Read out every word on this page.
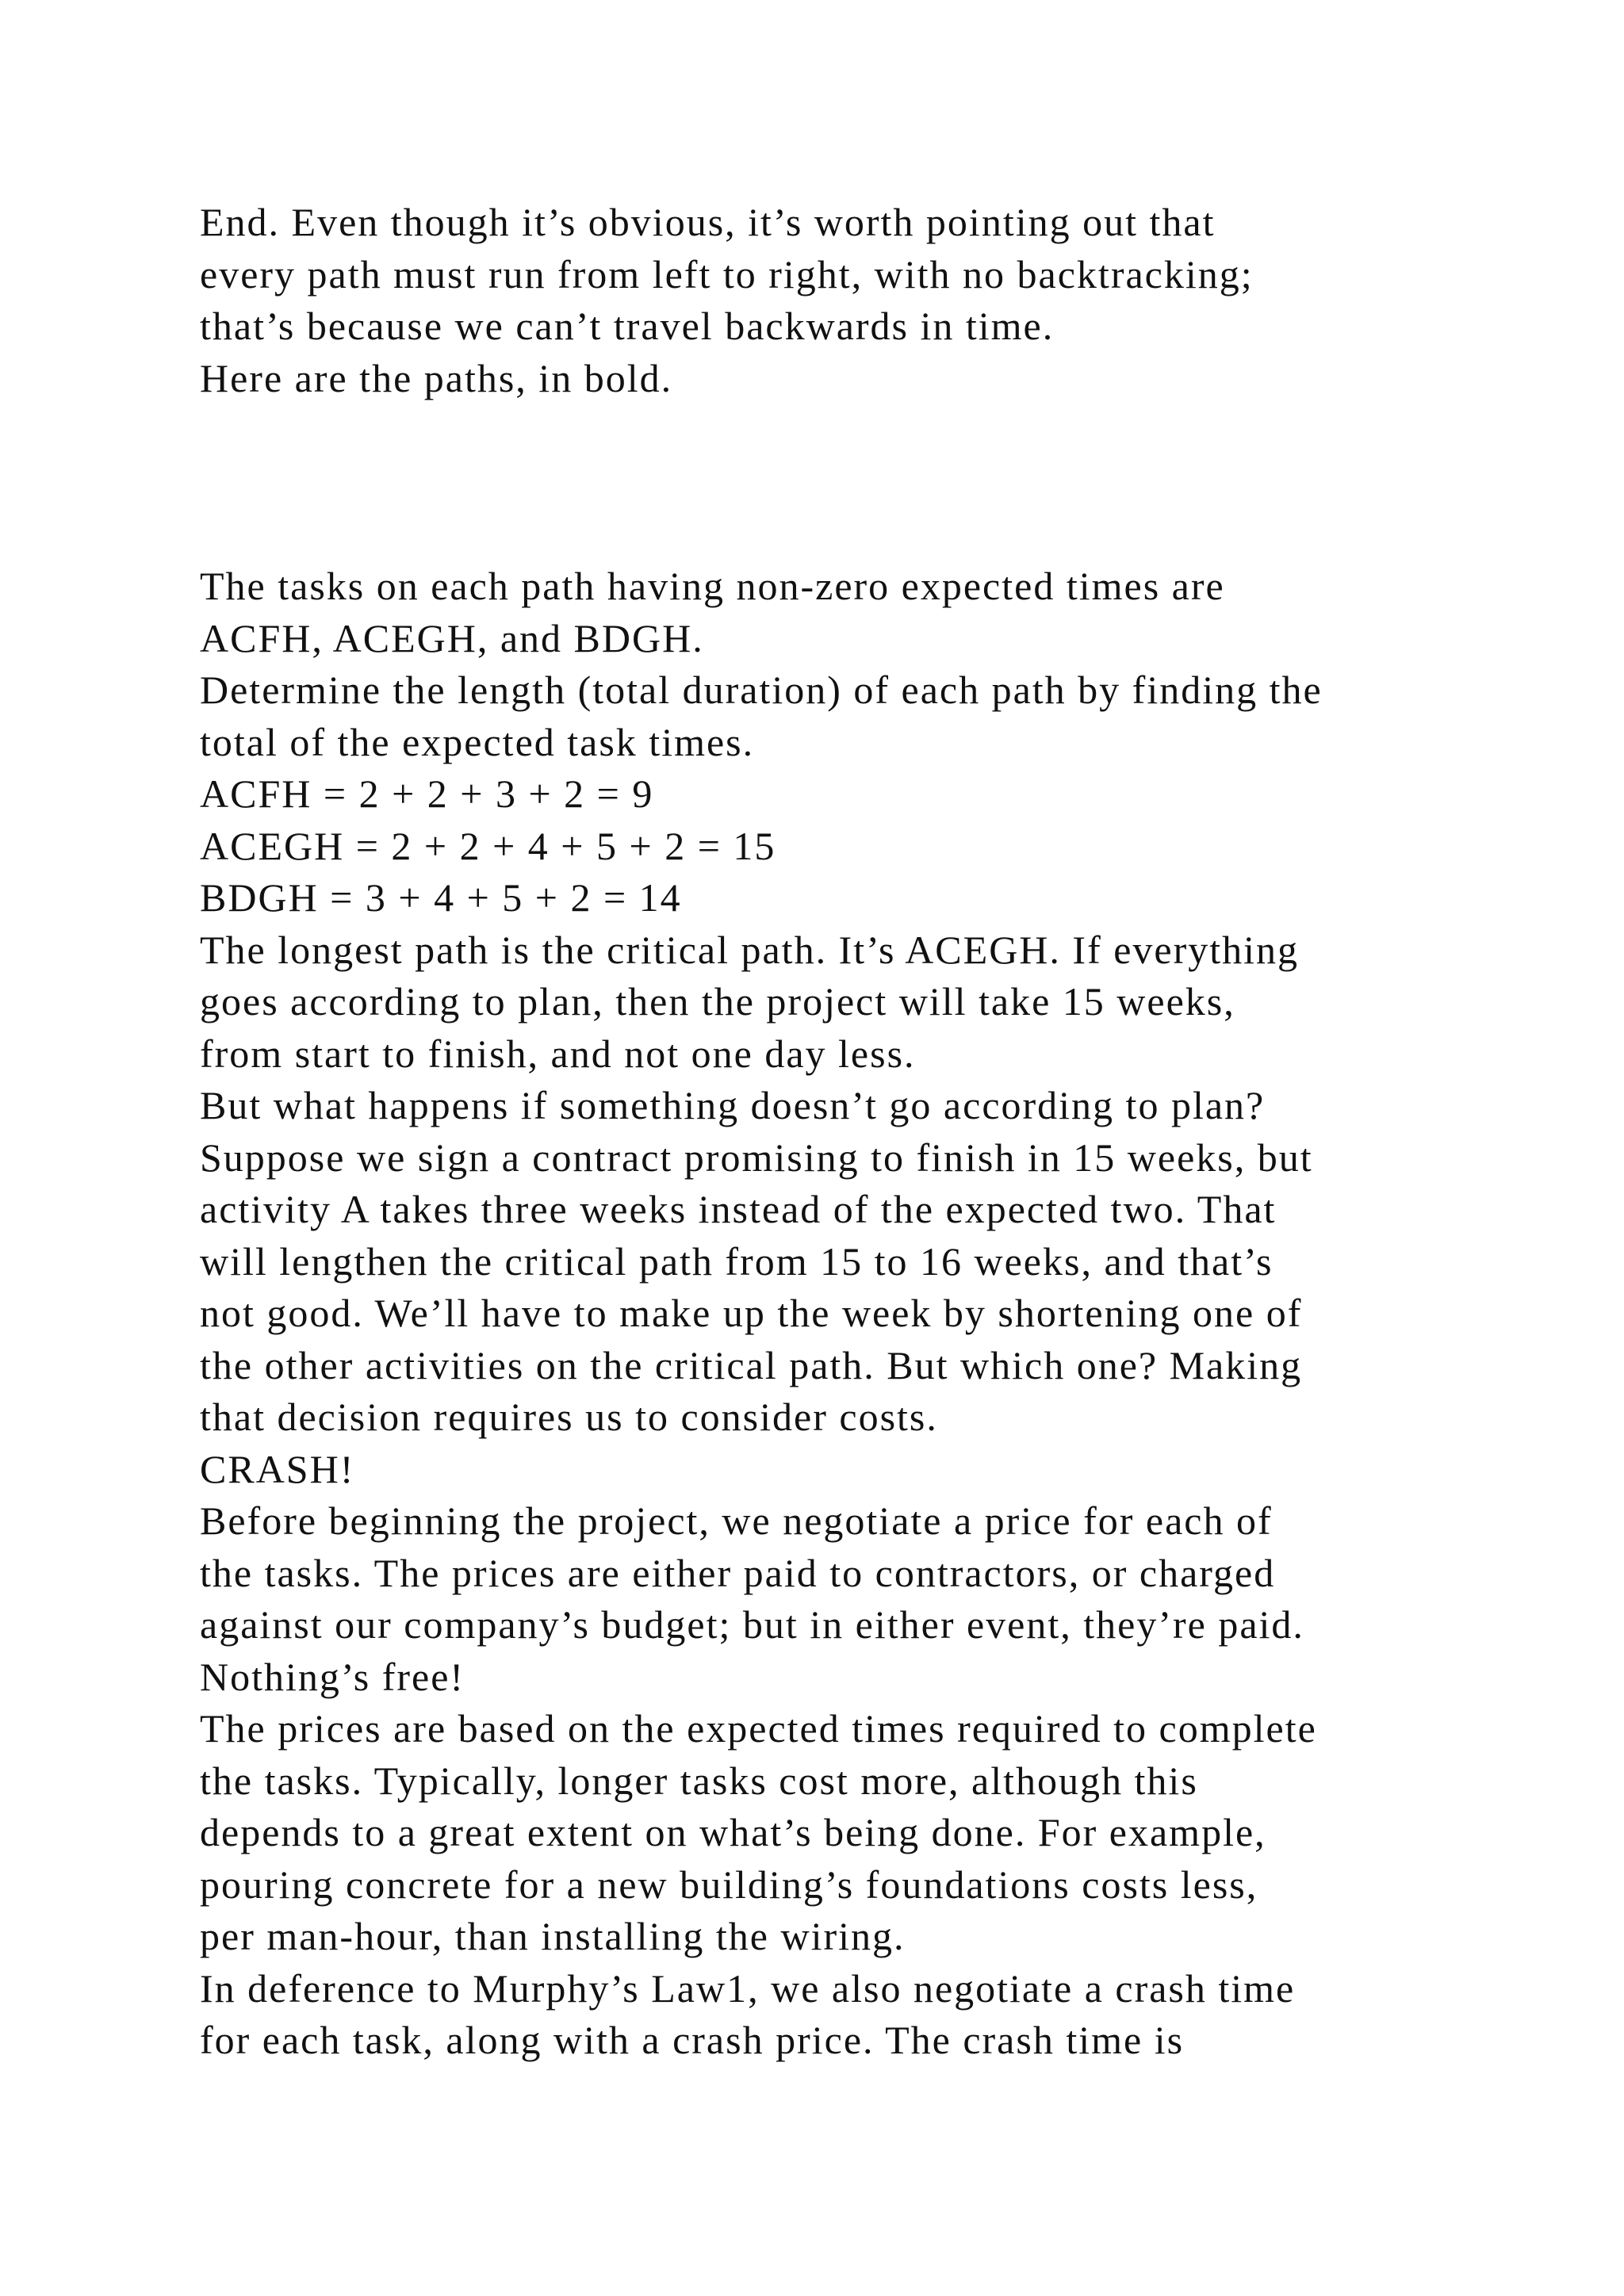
End. Even though it’s obvious, it’s worth pointing out that
every path must run from left to right, with no backtracking;
that’s because we can’t travel backwards in time.
Here are the paths, in bold.
The tasks on each path having non-zero expected times are
ACFH, ACEGH, and BDGH.
Determine the length (total duration) of each path by finding the
total of the expected task times.
ACFH = 2 + 2 + 3 + 2 = 9
ACEGH = 2 + 2 + 4 + 5 + 2 = 15
BDGH = 3 + 4 + 5 + 2 = 14
The longest path is the critical path. It’s ACEGH. If everything
goes according to plan, then the project will take 15 weeks,
from start to finish, and not one day less.
But what happens if something doesn’t go according to plan?
Suppose we sign a contract promising to finish in 15 weeks, but
activity A takes three weeks instead of the expected two. That
will lengthen the critical path from 15 to 16 weeks, and that’s
not good. We’ll have to make up the week by shortening one of
the other activities on the critical path. But which one? Making
that decision requires us to consider costs.
CRASH!
Before beginning the project, we negotiate a price for each of
the tasks. The prices are either paid to contractors, or charged
against our company’s budget; but in either event, they’re paid.
Nothing’s free!
The prices are based on the expected times required to complete
the tasks. Typically, longer tasks cost more, although this
depends to a great extent on what’s being done. For example,
pouring concrete for a new building’s foundations costs less,
per man-hour, than installing the wiring.
In deference to Murphy’s Law1, we also negotiate a crash time
for each task, along with a crash price. The crash time is
